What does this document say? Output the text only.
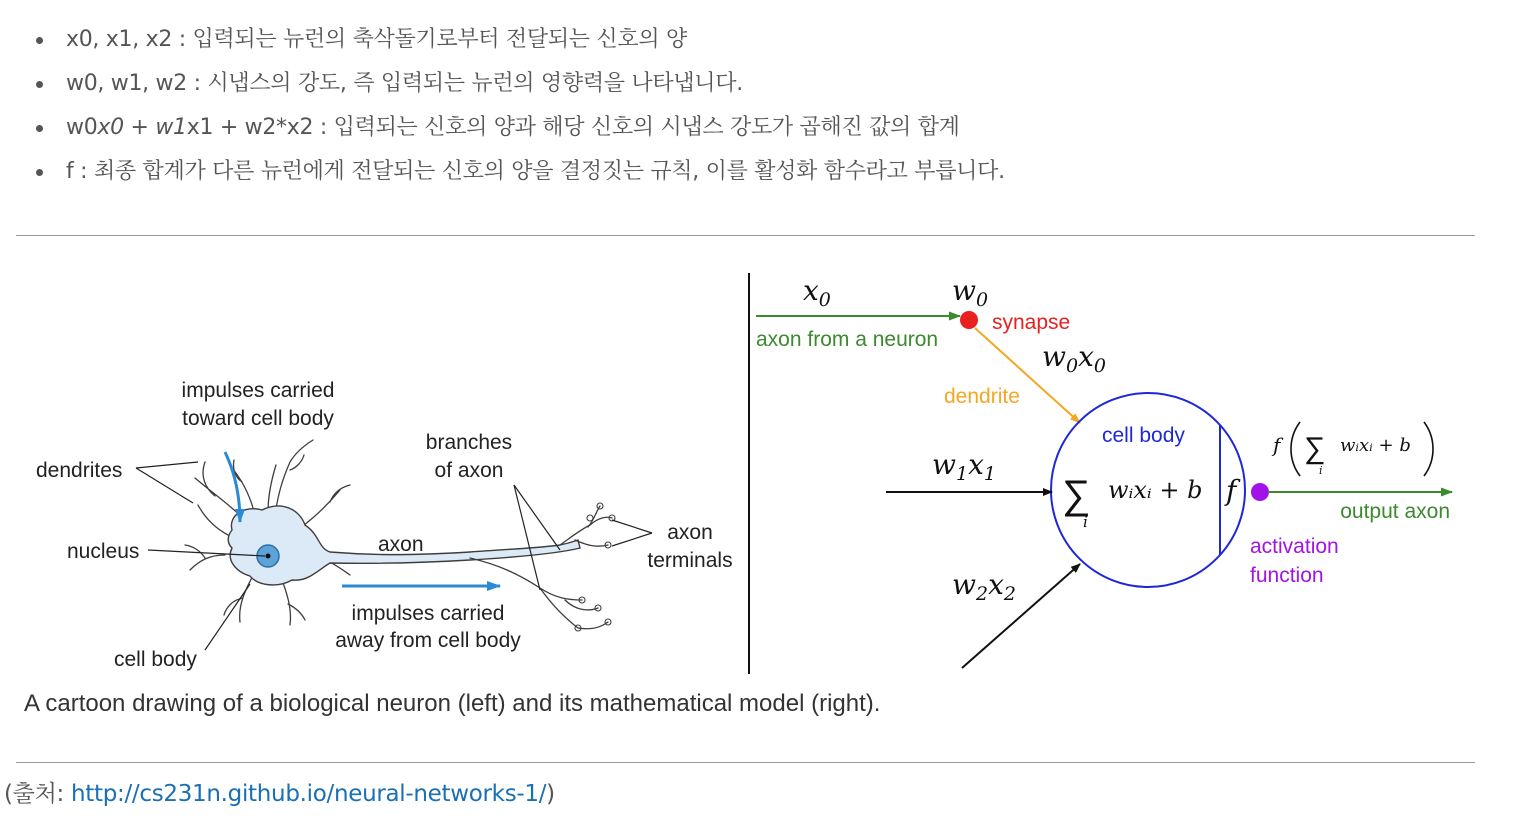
x0, x1, x2 : 입력되는 뉴런의 축삭돌기로부터 전달되는 신호의 양
w0, w1, w2 : 시냅스의 강도, 즉 입력되는 뉴런의 영향력을 나타냅니다.
w0x0 + w1x1 + w2*x2 : 입력되는 신호의 양과 해당 신호의 시냅스 강도가 곱해진 값의 합계
f : 최종 합계가 다른 뉴런에게 전달되는 신호의 양을 결정짓는 규칙, 이를 활성화 함수라고 부릅니다.
impulses carried
toward cell body
dendrites
nucleus
cell body
axon
branches
of axon
axon
terminals
impulses carried
away from cell body
$x_0$	$w_0$
synapse
axon from a neuron
$w_0x_0$
dendrite
cell body
$w_1x_1$ ∑
i
wᵢxᵢ + b f
output axon
f ∑
i
wᵢxᵢ + b
activation
function
$w_2x_2$
A cartoon drawing of a biological neuron (left) and its mathematical model (right).
(출처: http://cs231n.github.io/neural-networks-1/)
